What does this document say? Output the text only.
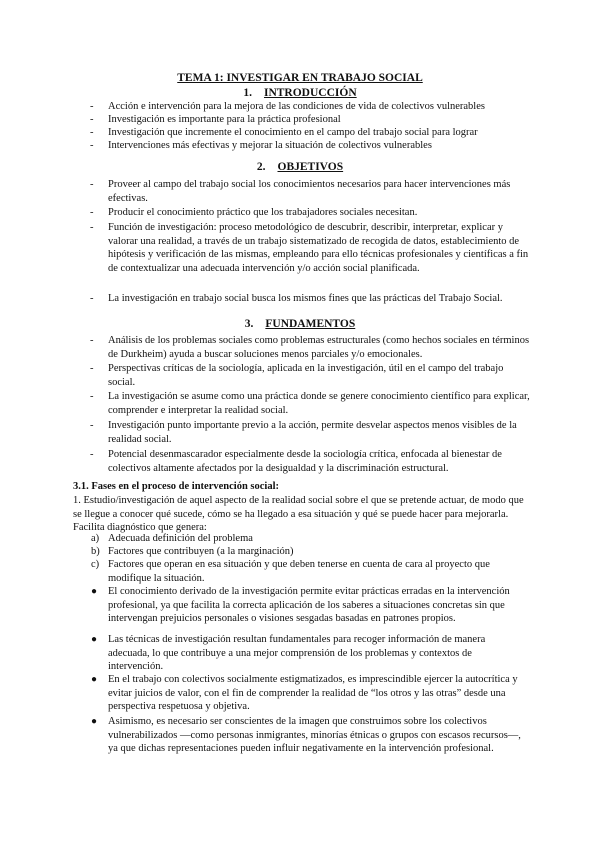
TEMA 1: INVESTIGAR EN TRABAJO SOCIAL
1. INTRODUCCIÓN
- Acción e intervención para la mejora de las condiciones de vida de colectivos vulnerables
- Investigación es importante para la práctica profesional
- Investigación que incremente el conocimiento en el campo del trabajo social para lograr
- Intervenciones más efectivas y mejorar la situación de colectivos vulnerables
2. OBJETIVOS
- Proveer al campo del trabajo social los conocimientos necesarios para hacer intervenciones más efectivas.
- Producir el conocimiento práctico que los trabajadores sociales necesitan.
- Función de investigación: proceso metodológico de descubrir, describir, interpretar, explicar y valorar una realidad, a través de un trabajo sistematizado de recogida de datos, establecimiento de hipótesis y verificación de las mismas, empleando para ello técnicas profesionales y científicas a fin de contextualizar una adecuada intervención y/o acción social planificada.
- La investigación en trabajo social busca los mismos fines que las prácticas del Trabajo Social.
3. FUNDAMENTOS
- Análisis de los problemas sociales como problemas estructurales (como hechos sociales en términos de Durkheim) ayuda a buscar soluciones menos parciales y/o emocionales.
- Perspectivas críticas de la sociología, aplicada en la investigación, útil en el campo del trabajo social.
- La investigación se asume como una práctica donde se genere conocimiento científico para explicar, comprender e interpretar la realidad social.
- Investigación punto importante previo a la acción, permite desvelar aspectos menos visibles de la realidad social.
- Potencial desenmascarador especialmente desde la sociología crítica, enfocada al bienestar de colectivos altamente afectados por la desigualdad y la discriminación estructural.
3.1. Fases en el proceso de intervención social:
1. Estudio/investigación de aquel aspecto de la realidad social sobre el que se pretende actuar, de modo que se llegue a conocer qué sucede, cómo se ha llegado a esa situación y qué se puede hacer para mejorarla. Facilita diagnóstico que genera:
a) Adecuada definición del problema
b) Factores que contribuyen (a la marginación)
c) Factores que operan en esa situación y que deben tenerse en cuenta de cara al proyecto que modifique la situación.
● El conocimiento derivado de la investigación permite evitar prácticas erradas en la intervención profesional, ya que facilita la correcta aplicación de los saberes a situaciones concretas sin que intervengan prejuicios personales o visiones sesgadas basadas en patrones propios.
● Las técnicas de investigación resultan fundamentales para recoger información de manera adecuada, lo que contribuye a una mejor comprensión de los problemas y contextos de intervención.
● En el trabajo con colectivos socialmente estigmatizados, es imprescindible ejercer la autocrítica y evitar juicios de valor, con el fin de comprender la realidad de “los otros y las otras” desde una perspectiva respetuosa y objetiva.
● Asimismo, es necesario ser conscientes de la imagen que construimos sobre los colectivos vulnerabilizados —como personas inmigrantes, minorías étnicas o grupos con escasos recursos—, ya que dichas representaciones pueden influir negativamente en la intervención profesional.
